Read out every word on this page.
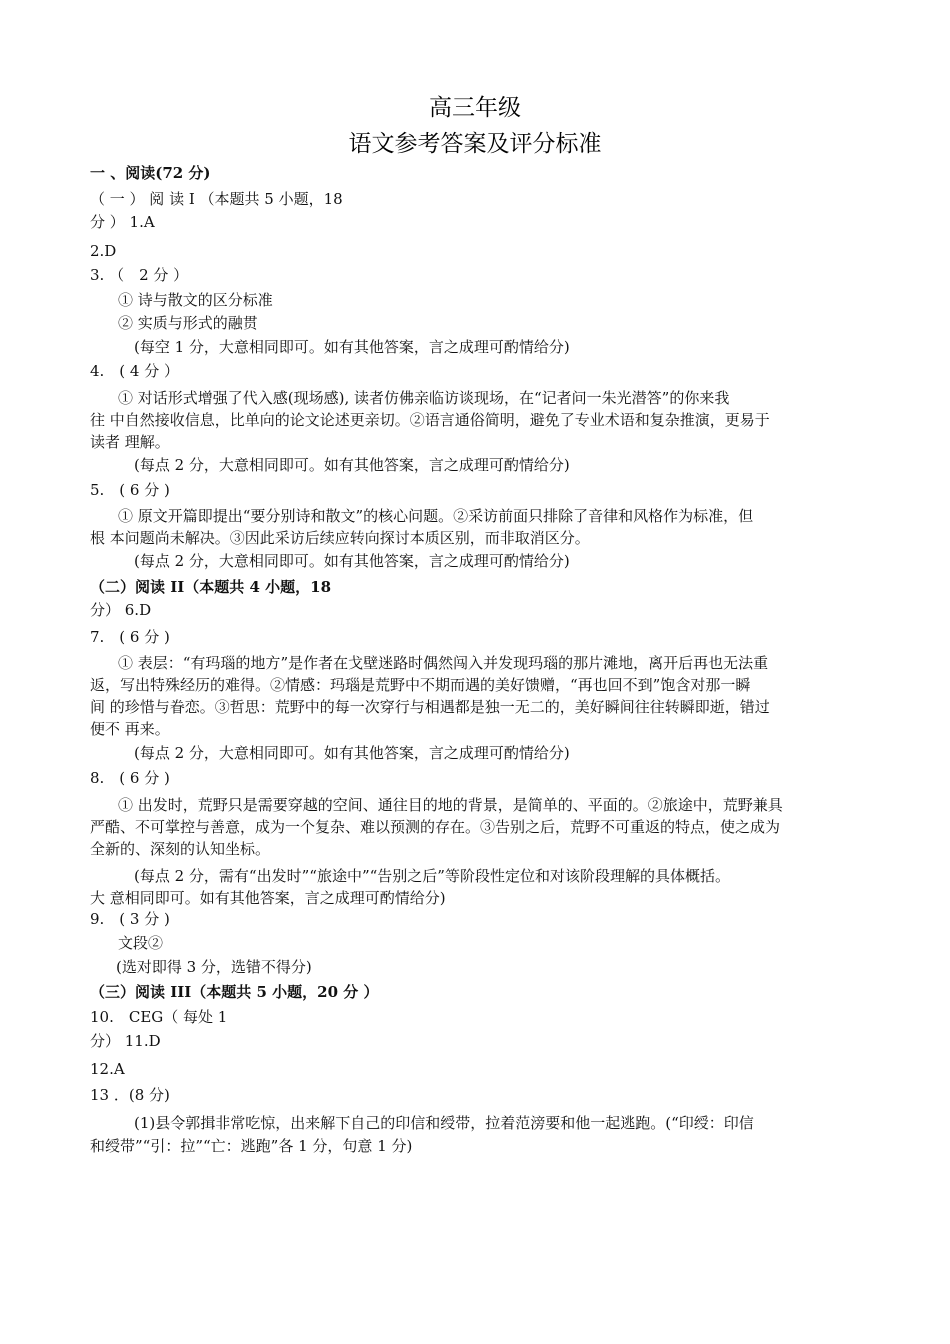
高三年级
语文参考答案及评分标准
一 、阅读(72 分)
（ 一 ） 阅 读 I （本题共 5 小题，18
分 ） 1.A
2.D
3. （　2 分 ）
① 诗与散文的区分标准
② 实质与形式的融贯
(每空 1 分，大意相同即可。如有其他答案，言之成理可酌情给分)
4.　( 4 分 ）
① 对话形式增强了代入感(现场感), 读者仿佛亲临访谈现场，在“记者问一朱光潜答”的你来我
往 中自然接收信息，比单向的论文论述更亲切。②语言通俗简明，避免了专业术语和复杂推演，更易于
读者 理解。
(每点 2 分，大意相同即可。如有其他答案，言之成理可酌情给分)
5.　( 6 分 )
① 原文开篇即提出“要分别诗和散文”的核心问题。②采访前面只排除了音律和风格作为标准，但
根 本问题尚未解决。③因此采访后续应转向探讨本质区别，而非取消区分。
(每点 2 分，大意相同即可。如有其他答案，言之成理可酌情给分)
（二）阅读 II（本题共 4 小题，18
分） 6.D
7.　( 6 分 )
① 表层：“有玛瑙的地方”是作者在戈壁迷路时偶然闯入并发现玛瑙的那片滩地，离开后再也无法重
返，写出特殊经历的难得。②情感：玛瑙是荒野中不期而遇的美好馈赠，“再也回不到”饱含对那一瞬
间 的珍惜与眷恋。③哲思：荒野中的每一次穿行与相遇都是独一无二的，美好瞬间往往转瞬即逝，错过
便不 再来。
(每点 2 分，大意相同即可。如有其他答案，言之成理可酌情给分)
8.　( 6 分 )
① 出发时，荒野只是需要穿越的空间、通往目的地的背景，是简单的、平面的。②旅途中，荒野兼具
严酷、不可掌控与善意，成为一个复杂、难以预测的存在。③告别之后，荒野不可重返的特点，使之成为
全新的、深刻的认知坐标。
(每点 2 分，需有“出发时”“旅途中”“告别之后”等阶段性定位和对该阶段理解的具体概括。
大 意相同即可。如有其他答案，言之成理可酌情给分)
9.　( 3 分 )
文段②
(选对即得 3 分，选错不得分)
（三）阅读 III（本题共 5 小题，20 分 ）
10.　CEG（ 每处 1
分） 11.D
12.A
13 ．(8 分)
(1)县令郭揖非常吃惊，出来解下自己的印信和绶带，拉着范滂要和他一起逃跑。(“印绶：印信
和绶带”“引：拉”“亡：逃跑”各 1 分，句意 1 分)
